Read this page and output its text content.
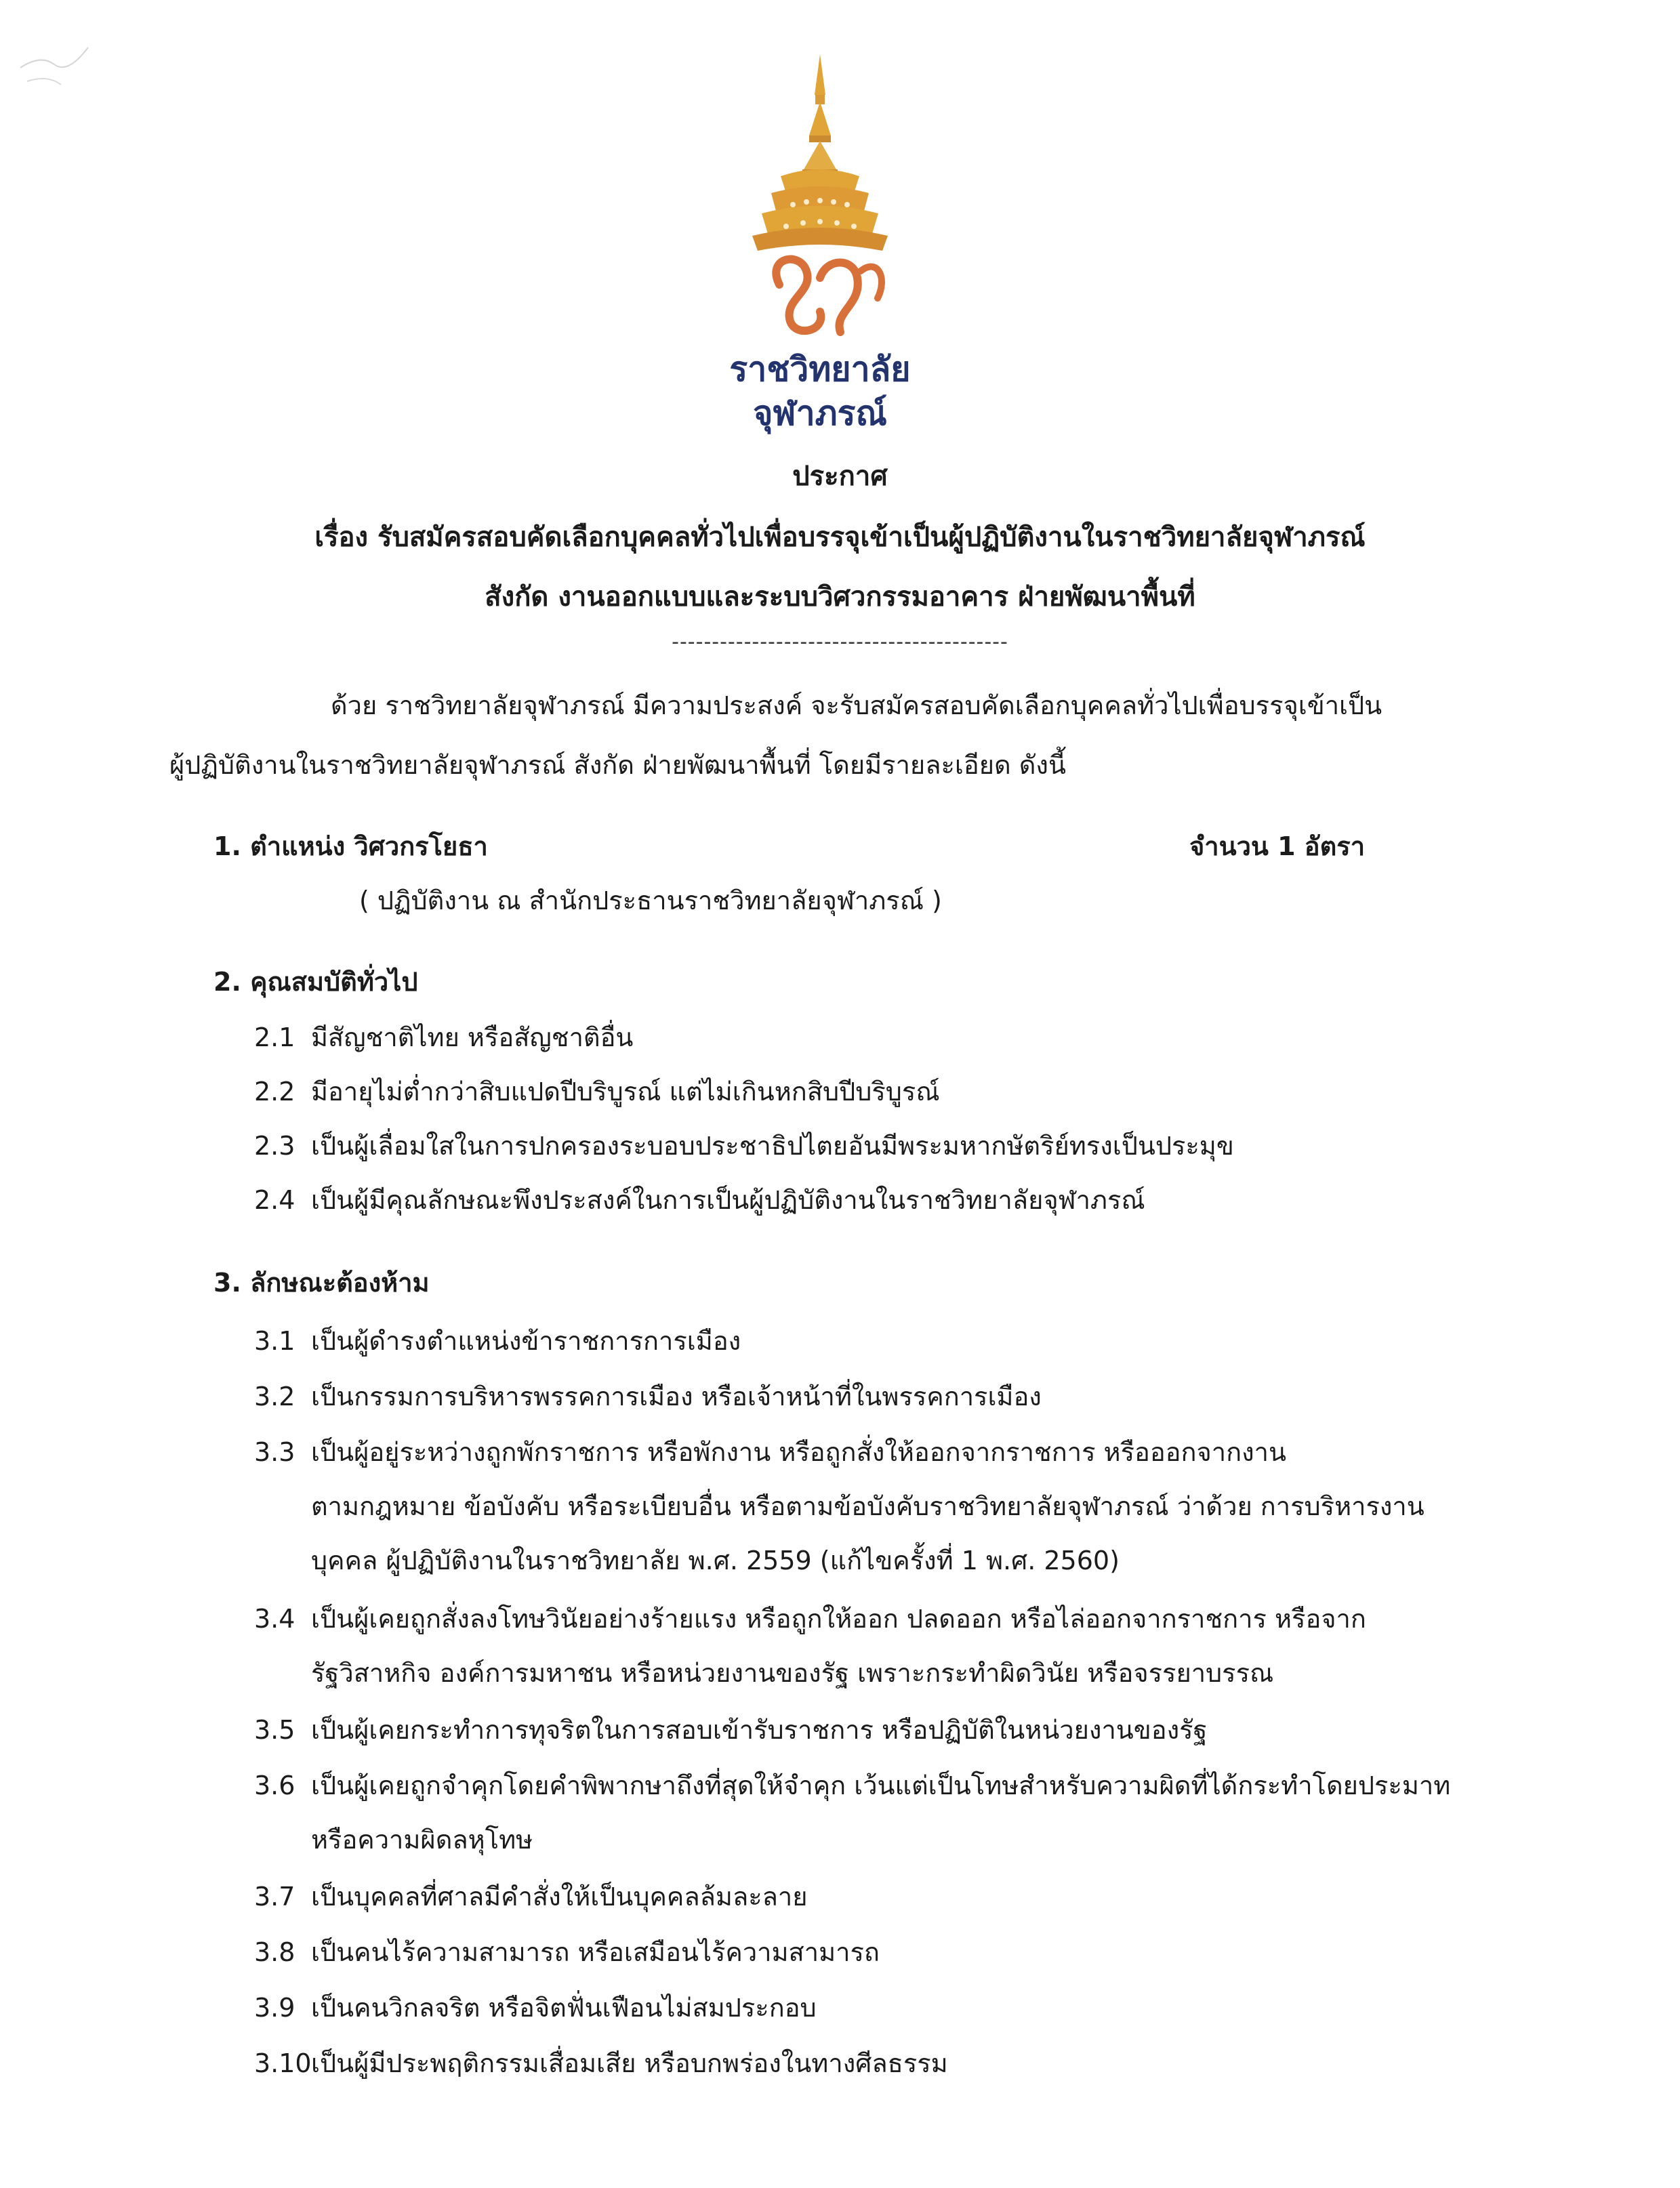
ราชวิทยาลัย
จุฬาภรณ์
ประกาศ
เรื่อง รับสมัครสอบคัดเลือกบุคคลทั่วไปเพื่อบรรจุเข้าเป็นผู้ปฏิบัติงานในราชวิทยาลัยจุฬาภรณ์
สังกัด งานออกแบบและระบบวิศวกรรมอาคาร ฝ่ายพัฒนาพื้นที่
------------------------------------------
ด้วย ราชวิทยาลัยจุฬาภรณ์ มีความประสงค์ จะรับสมัครสอบคัดเลือกบุคคลทั่วไปเพื่อบรรจุเข้าเป็น
ผู้ปฏิบัติงานในราชวิทยาลัยจุฬาภรณ์ สังกัด ฝ่ายพัฒนาพื้นที่ โดยมีรายละเอียด ดังนี้
1. ตำแหน่ง วิศวกรโยธา	จำนวน 1 อัตรา
( ปฏิบัติงาน ณ สำนักประธานราชวิทยาลัยจุฬาภรณ์ )
2. คุณสมบัติทั่วไป
2.1 มีสัญชาติไทย หรือสัญชาติอื่น
2.2 มีอายุไม่ต่ำกว่าสิบแปดปีบริบูรณ์ แต่ไม่เกินหกสิบปีบริบูรณ์
2.3 เป็นผู้เลื่อมใสในการปกครองระบอบประชาธิปไตยอันมีพระมหากษัตริย์ทรงเป็นประมุข
2.4 เป็นผู้มีคุณลักษณะพึงประสงค์ในการเป็นผู้ปฏิบัติงานในราชวิทยาลัยจุฬาภรณ์
3. ลักษณะต้องห้าม
3.1 เป็นผู้ดำรงตำแหน่งข้าราชการการเมือง
3.2 เป็นกรรมการบริหารพรรคการเมือง หรือเจ้าหน้าที่ในพรรคการเมือง
3.3 เป็นผู้อยู่ระหว่างถูกพักราชการ หรือพักงาน หรือถูกสั่งให้ออกจากราชการ หรือออกจากงาน
ตามกฎหมาย ข้อบังคับ หรือระเบียบอื่น หรือตามข้อบังคับราชวิทยาลัยจุฬาภรณ์ ว่าด้วย การบริหารงาน
บุคคล ผู้ปฏิบัติงานในราชวิทยาลัย พ.ศ. 2559 (แก้ไขครั้งที่ 1 พ.ศ. 2560)
3.4 เป็นผู้เคยถูกสั่งลงโทษวินัยอย่างร้ายแรง หรือถูกให้ออก ปลดออก หรือไล่ออกจากราชการ หรือจาก
รัฐวิสาหกิจ องค์การมหาชน หรือหน่วยงานของรัฐ เพราะกระทำผิดวินัย หรือจรรยาบรรณ
3.5 เป็นผู้เคยกระทำการทุจริตในการสอบเข้ารับราชการ หรือปฏิบัติในหน่วยงานของรัฐ
3.6 เป็นผู้เคยถูกจำคุกโดยคำพิพากษาถึงที่สุดให้จำคุก เว้นแต่เป็นโทษสำหรับความผิดที่ได้กระทำโดยประมาท
หรือความผิดลหุโทษ
3.7 เป็นบุคคลที่ศาลมีคำสั่งให้เป็นบุคคลล้มละลาย
3.8 เป็นคนไร้ความสามารถ หรือเสมือนไร้ความสามารถ
3.9 เป็นคนวิกลจริต หรือจิตฟั่นเฟือนไม่สมประกอบ
3.10เป็นผู้มีประพฤติกรรมเสื่อมเสีย หรือบกพร่องในทางศีลธรรม
